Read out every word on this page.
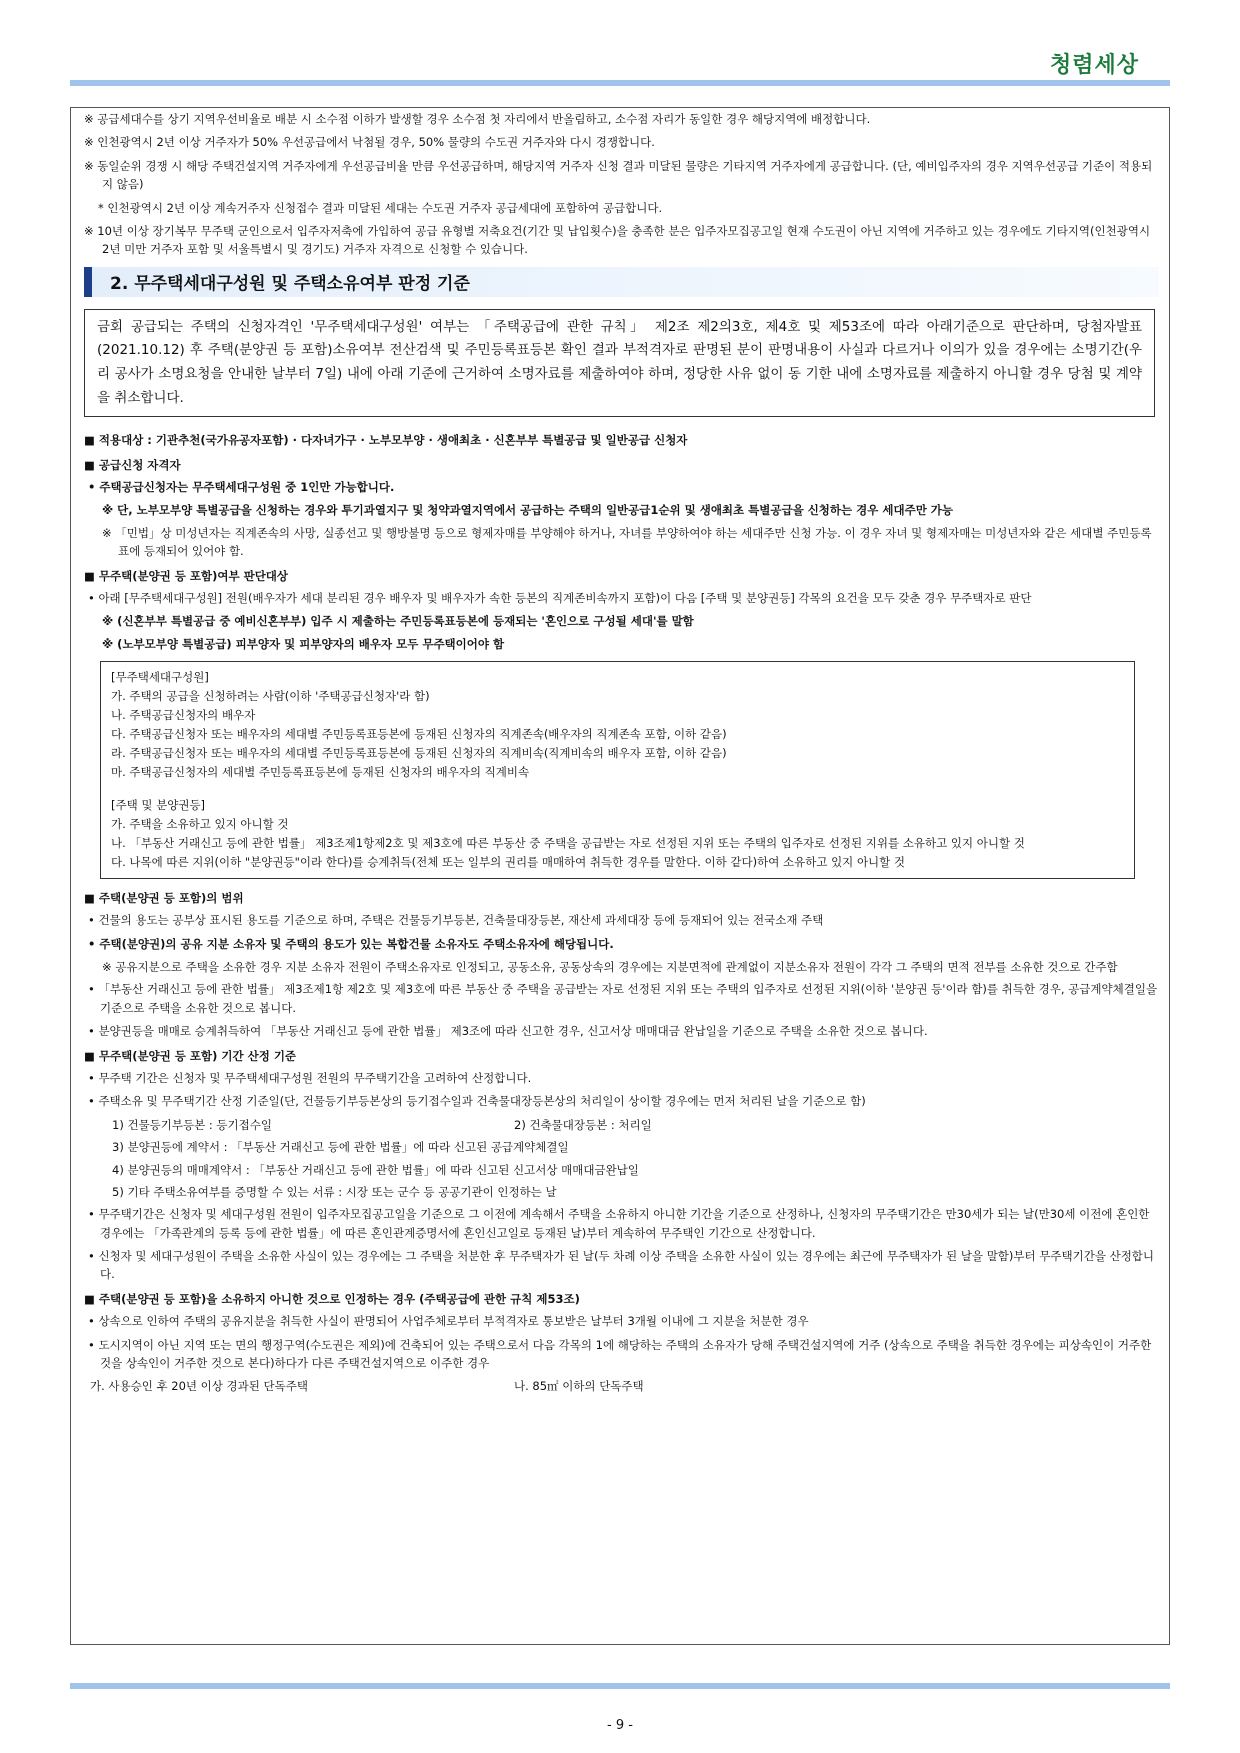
청렴세상

※ 공급세대수를 상기 지역우선비율로 배분 시 소수점 이하가 발생할 경우 소수점 첫 자리에서 반올림하고, 소수점 자리가 동일한 경우 해당지역에 배정합니다.

※ 인천광역시 2년 이상 거주자가 50% 우선공급에서 낙첨될 경우, 50% 물량의 수도권 거주자와 다시 경쟁합니다.

※ 동일순위 경쟁 시 해당 주택건설지역 거주자에게 우선공급비율 만큼 우선공급하며, 해당지역 거주자 신청 결과 미달된 물량은 기타지역 거주자에게 공급합니다. (단, 예비입주자의 경우 지역우선공급 기준이 적용되지 않음)

* 인천광역시 2년 이상 계속거주자 신청접수 결과 미달된 세대는 수도권 거주자 공급세대에 포함하여 공급합니다.

※ 10년 이상 장기복무 무주택 군인으로서 입주자저축에 가입하여 공급 유형별 저축요건(기간 및 납입횟수)을 충족한 분은 입주자모집공고일 현재 수도권이 아닌 지역에 거주하고 있는 경우에도 기타지역(인천광역시 2년 미만 거주자 포함 및 서울특별시 및 경기도) 거주자 자격으로 신청할 수 있습니다.

2. 무주택세대구성원 및 주택소유여부 판정 기준
금회 공급되는 주택의 신청자격인 '무주택세대구성원' 여부는 「주택공급에 관한 규칙」 제2조 제2의3호, 제4호 및 제53조에 따라 아래기준으로 판단하며, 당첨자발표(2021.10.12) 후 주택(분양권 등 포함)소유여부 전산검색 및 주민등록표등본 확인 결과 부적격자로 판명된 분이 판명내용이 사실과 다르거나 이의가 있을 경우에는 소명기간(우리 공사가 소명요청을 안내한 날부터 7일) 내에 아래 기준에 근거하여 소명자료를 제출하여야 하며, 정당한 사유 없이 동 기한 내에 소명자료를 제출하지 아니할 경우 당첨 및 계약을 취소합니다.

■ 적용대상 : 기관추천(국가유공자포함) · 다자녀가구 · 노부모부양 · 생애최초 · 신혼부부 특별공급 및 일반공급 신청자

■ 공급신청 자격자

• 주택공급신청자는 무주택세대구성원 중 1인만 가능합니다.

※ 단, 노부모부양 특별공급을 신청하는 경우와 투기과열지구 및 청약과열지역에서 공급하는 주택의 일반공급1순위 및 생애최초 특별공급을 신청하는 경우 세대주만 가능

※ 「민법」상 미성년자는 직계존속의 사망, 실종선고 및 행방불명 등으로 형제자매를 부양해야 하거나, 자녀를 부양하여야 하는 세대주만 신청 가능. 이 경우 자녀 및 형제자매는 미성년자와 같은 세대별 주민등록표에 등재되어 있어야 함.

■ 무주택(분양권 등 포함)여부 판단대상

• 아래 [무주택세대구성원] 전원(배우자가 세대 분리된 경우 배우자 및 배우자가 속한 등본의 직계존비속까지 포함)이 다음 [주택 및 분양권등] 각목의 요건을 모두 갖춘 경우 무주택자로 판단

※ (신혼부부 특별공급 중 예비신혼부부) 입주 시 제출하는 주민등록표등본에 등재되는 '혼인으로 구성될 세대'를 말함

※ (노부모부양 특별공급) 피부양자 및 피부양자의 배우자 모두 무주택이어야 함

[무주택세대구성원]

가. 주택의 공급을 신청하려는 사람(이하 '주택공급신청자'라 함)

나. 주택공급신청자의 배우자

다. 주택공급신청자 또는 배우자의 세대별 주민등록표등본에 등재된 신청자의 직계존속(배우자의 직계존속 포함, 이하 같음)

라. 주택공급신청자 또는 배우자의 세대별 주민등록표등본에 등재된 신청자의 직계비속(직계비속의 배우자 포함, 이하 같음)

마. 주택공급신청자의 세대별 주민등록표등본에 등재된 신청자의 배우자의 직계비속

[주택 및 분양권등]

가. 주택을 소유하고 있지 아니할 것

나. 「부동산 거래신고 등에 관한 법률」 제3조제1항제2호 및 제3호에 따른 부동산 중 주택을 공급받는 자로 선정된 지위 또는 주택의 입주자로 선정된 지위를 소유하고 있지 아니할 것

다. 나목에 따른 지위(이하 "분양권등"이라 한다)를 승계취득(전체 또는 일부의 권리를 매매하여 취득한 경우를 말한다. 이하 같다)하여 소유하고 있지 아니할 것

■ 주택(분양권 등 포함)의 범위

• 건물의 용도는 공부상 표시된 용도를 기준으로 하며, 주택은 건물등기부등본, 건축물대장등본, 재산세 과세대장 등에 등재되어 있는 전국소재 주택

• 주택(분양권)의 공유 지분 소유자 및 주택의 용도가 있는 복합건물 소유자도 주택소유자에 해당됩니다.

※ 공유지분으로 주택을 소유한 경우 지분 소유자 전원이 주택소유자로 인정되고, 공동소유, 공동상속의 경우에는 지분면적에 관계없이 지분소유자 전원이 각각 그 주택의 면적 전부를 소유한 것으로 간주함

• 「부동산 거래신고 등에 관한 법률」 제3조제1항 제2호 및 제3호에 따른 부동산 중 주택을 공급받는 자로 선정된 지위 또는 주택의 입주자로 선정된 지위(이하 '분양권 등'이라 함)를 취득한 경우, 공급계약체결일을 기준으로 주택을 소유한 것으로 봅니다.

• 분양권등을 매매로 승계취득하여 「부동산 거래신고 등에 관한 법률」 제3조에 따라 신고한 경우, 신고서상 매매대금 완납일을 기준으로 주택을 소유한 것으로 봅니다.

■ 무주택(분양권 등 포함) 기간 산정 기준

• 무주택 기간은 신청자 및 무주택세대구성원 전원의 무주택기간을 고려하여 산정합니다.

• 주택소유 및 무주택기간 산정 기준일(단, 건물등기부등본상의 등기접수일과 건축물대장등본상의 처리일이 상이할 경우에는 먼저 처리된 날을 기준으로 함)

1) 건물등기부등본 : 등기접수일	2) 건축물대장등본 : 처리일

3) 분양권등에 계약서 : 「부동산 거래신고 등에 관한 법률」에 따라 신고된 공급계약체결일

4) 분양권등의 매매계약서 : 「부동산 거래신고 등에 관한 법률」에 따라 신고된 신고서상 매매대금완납일

5) 기타 주택소유여부를 증명할 수 있는 서류 : 시장 또는 군수 등 공공기관이 인정하는 날

• 무주택기간은 신청자 및 세대구성원 전원이 입주자모집공고일을 기준으로 그 이전에 계속해서 주택을 소유하지 아니한 기간을 기준으로 산정하나, 신청자의 무주택기간은 만30세가 되는 날(만30세 이전에 혼인한 경우에는 「가족관계의 등록 등에 관한 법률」에 따른 혼인관계증명서에 혼인신고일로 등재된 날)부터 계속하여 무주택인 기간으로 산정합니다.

• 신청자 및 세대구성원이 주택을 소유한 사실이 있는 경우에는 그 주택을 처분한 후 무주택자가 된 날(두 차례 이상 주택을 소유한 사실이 있는 경우에는 최근에 무주택자가 된 날을 말함)부터 무주택기간을 산정합니다.

■ 주택(분양권 등 포함)을 소유하지 아니한 것으로 인정하는 경우 (주택공급에 관한 규칙 제53조)

• 상속으로 인하여 주택의 공유지분을 취득한 사실이 판명되어 사업주체로부터 부적격자로 통보받은 날부터 3개월 이내에 그 지분을 처분한 경우

• 도시지역이 아닌 지역 또는 면의 행정구역(수도권은 제외)에 건축되어 있는 주택으로서 다음 각목의 1에 해당하는 주택의 소유자가 당해 주택건설지역에 거주 (상속으로 주택을 취득한 경우에는 피상속인이 거주한 것을 상속인이 거주한 것으로 본다)하다가 다른 주택건설지역으로 이주한 경우

가. 사용승인 후 20년 이상 경과된 단독주택	나. 85㎡ 이하의 단독주택
- 9 -
